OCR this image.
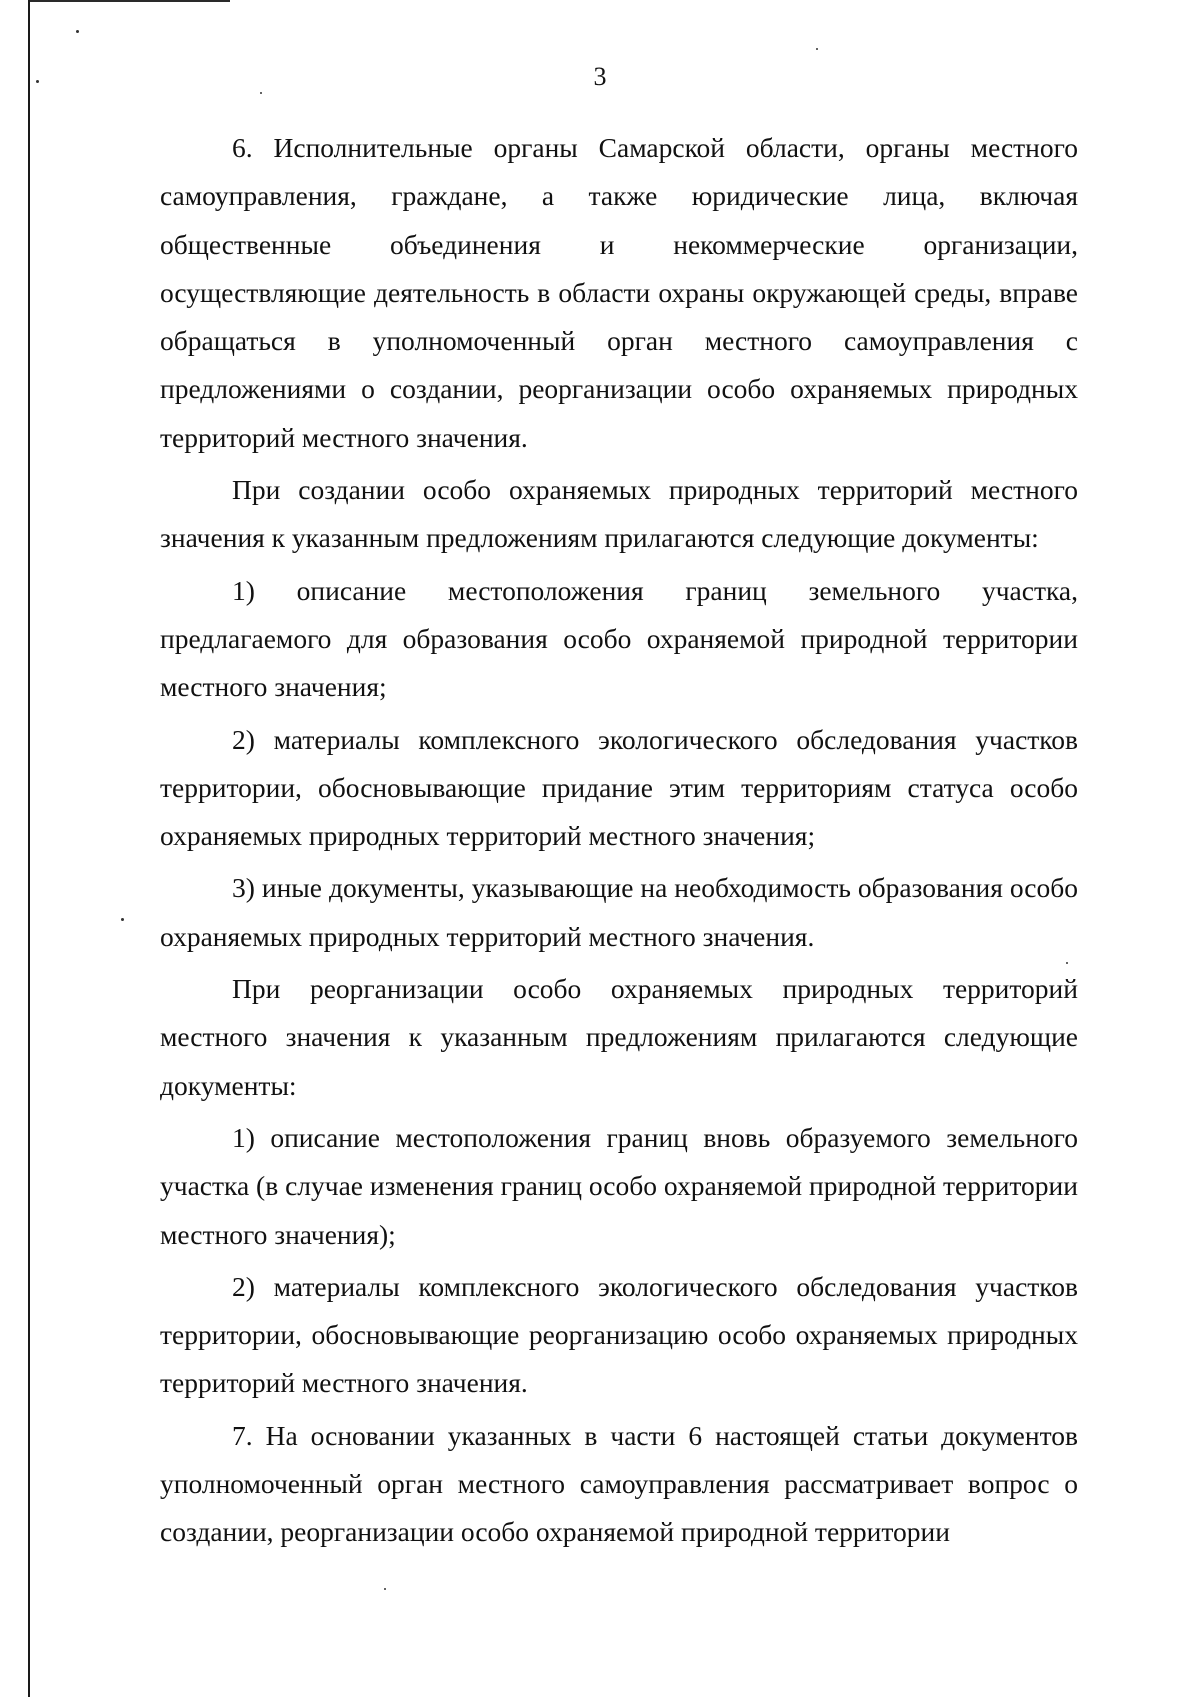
3

6. Исполнительные органы Самарской области, органы местного самоуправления, граждане, а также юридические лица, включая общественные объединения и некоммерческие организации, осуществляющие деятельность в области охраны окружающей среды, вправе обращаться в уполномоченный орган местного самоуправления с предложениями о создании, реорганизации особо охраняемых природных территорий местного значения.

При создании особо охраняемых природных территорий местного значения к указанным предложениям прилагаются следующие документы:

1) описание местоположения границ земельного участка, предлагаемого для образования особо охраняемой природной территории местного значения;

2) материалы комплексного экологического обследования участков территории, обосновывающие придание этим территориям статуса особо охраняемых природных территорий местного значения;

3) иные документы, указывающие на необходимость образования особо охраняемых природных территорий местного значения.

При реорганизации особо охраняемых природных территорий местного значения к указанным предложениям прилагаются следующие документы:

1) описание местоположения границ вновь образуемого земельного участка (в случае изменения границ особо охраняемой природной территории местного значения);

2) материалы комплексного экологического обследования участков территории, обосновывающие реорганизацию особо охраняемых природных территорий местного значения.

7. На основании указанных в части 6 настоящей статьи документов уполномоченный орган местного самоуправления рассматривает вопрос о создании, реорганизации особо охраняемой природной территории
